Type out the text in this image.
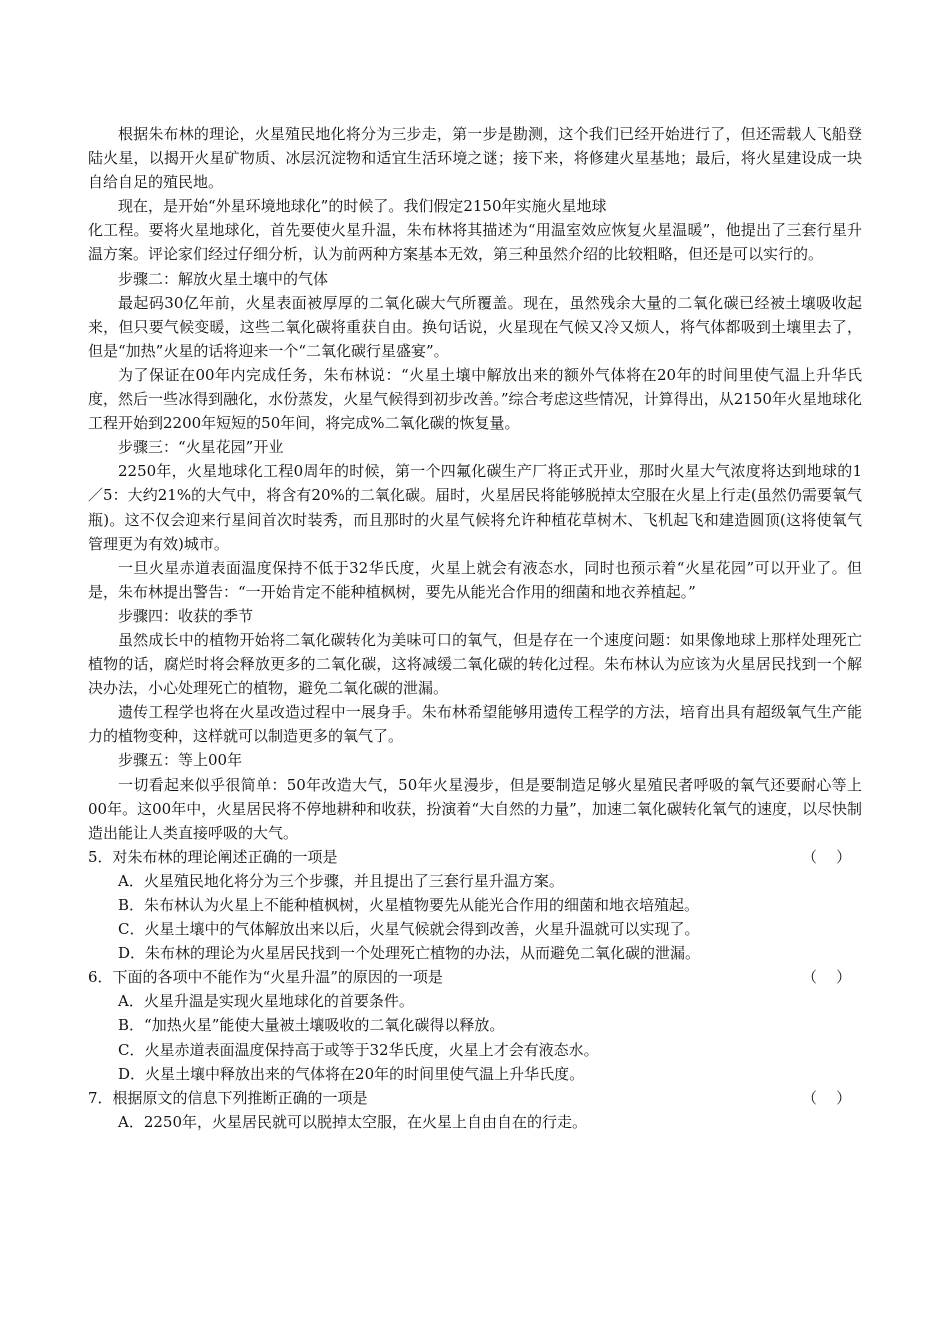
根据朱布林的理论，火星殖民地化将分为三步走，第一步是勘测，这个我们已经开始进行了，但还需载人飞船登陆火星，以揭开火星矿物质、冰层沉淀物和适宜生活环境之谜；接下来，将修建火星基地；最后，将火星建设成一块自给自足的殖民地。

现在，是开始“外星环境地球化”的时候了。我们假定2150年实施火星地球

化工程。要将火星地球化，首先要使火星升温，朱布林将其描述为“用温室效应恢复火星温暖”，他提出了三套行星升温方案。评论家们经过仔细分析，认为前两种方案基本无效，第三种虽然介绍的比较粗略，但还是可以实行的。

步骤二：解放火星土壤中的气体

最起码30亿年前，火星表面被厚厚的二氧化碳大气所覆盖。现在，虽然残余大量的二氧化碳已经被土壤吸收起来，但只要气候变暖，这些二氧化碳将重获自由。换句话说，火星现在气候又冷又烦人，将气体都吸到土壤里去了，但是“加热”火星的话将迎来一个“二氧化碳行星盛宴”。

为了保证在00年内完成任务，朱布林说：“火星土壤中解放出来的额外气体将在20年的时间里使气温上升华氏度，然后一些冰得到融化，水份蒸发，火星气候得到初步改善。”综合考虑这些情况，计算得出，从2150年火星地球化工程开始到2200年短短的50年间，将完成%二氧化碳的恢复量。

步骤三：“火星花园”开业

2250年，火星地球化工程0周年的时候，第一个四氟化碳生产厂将正式开业，那时火星大气浓度将达到地球的1／5：大约21%的大气中，将含有20%的二氧化碳。届时，火星居民将能够脱掉太空服在火星上行走(虽然仍需要氧气瓶)。这不仅会迎来行星间首次时装秀，而且那时的火星气候将允许种植花草树木、飞机起飞和建造圆顶(这将使氧气管理更为有效)城市。

一旦火星赤道表面温度保持不低于32华氏度，火星上就会有液态水，同时也预示着“火星花园”可以开业了。但是，朱布林提出警告：“一开始肯定不能种植枫树，要先从能光合作用的细菌和地衣养植起。”

步骤四：收获的季节

虽然成长中的植物开始将二氧化碳转化为美味可口的氧气，但是存在一个速度问题：如果像地球上那样处理死亡植物的话，腐烂时将会释放更多的二氧化碳，这将减缓二氧化碳的转化过程。朱布林认为应该为火星居民找到一个解决办法，小心处理死亡的植物，避免二氧化碳的泄漏。

遗传工程学也将在火星改造过程中一展身手。朱布林希望能够用遗传工程学的方法，培育出具有超级氧气生产能力的植物变种，这样就可以制造更多的氧气了。

步骤五：等上00年

一切看起来似乎很简单：50年改造大气，50年火星漫步，但是要制造足够火星殖民者呼吸的氧气还要耐心等上00年。这00年中，火星居民将不停地耕种和收获，扮演着“大自然的力量”，加速二氧化碳转化氧气的速度，以尽快制造出能让人类直接呼吸的大气。

5．对朱布林的理论阐述正确的一项是	（    ）

A．火星殖民地化将分为三个步骤，并且提出了三套行星升温方案。

B．朱布林认为火星上不能种植枫树，火星植物要先从能光合作用的细菌和地衣培殖起。

C．火星土壤中的气体解放出来以后，火星气候就会得到改善，火星升温就可以实现了。

D．朱布林的理论为火星居民找到一个处理死亡植物的办法，从而避免二氧化碳的泄漏。

6．下面的各项中不能作为“火星升温”的原因的一项是	（    ）

A．火星升温是实现火星地球化的首要条件。

B．“加热火星”能使大量被土壤吸收的二氧化碳得以释放。

C．火星赤道表面温度保持高于或等于32华氏度，火星上才会有液态水。

D．火星土壤中释放出来的气体将在20年的时间里使气温上升华氏度。

7．根据原文的信息下列推断正确的一项是	（    ）

A．2250年，火星居民就可以脱掉太空服，在火星上自由自在的行走。
